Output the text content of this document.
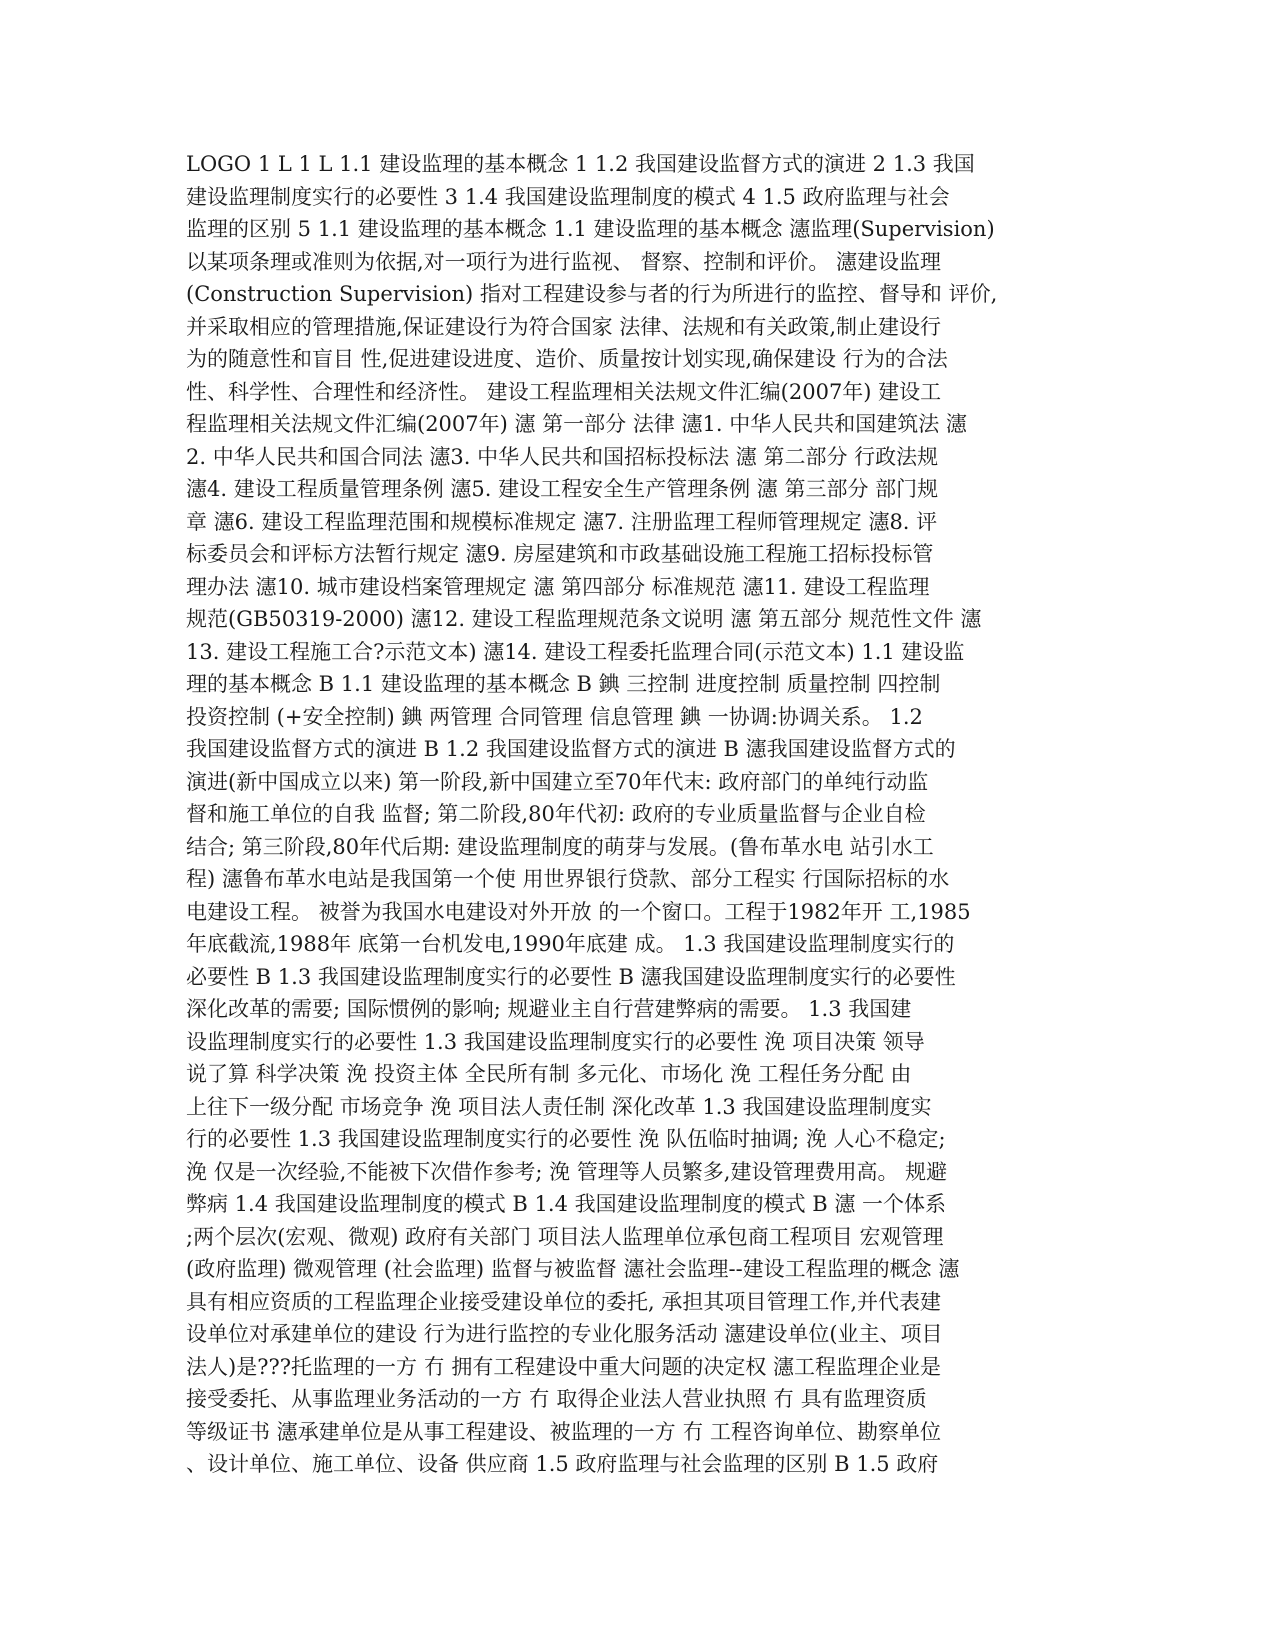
LOGO 1 L 1 L 1.1 建设监理的基本概念 1 1.2 我国建设监督方式的演进 2 1.3 我国
建设监理制度实行的必要性 3 1.4 我国建设监理制度的模式 4 1.5 政府监理与社会
监理的区别 5 1.1 建设监理的基本概念 1.1 建设监理的基本概念 瀗监理(Supervision)
以某项条理或准则为依据,对一项行为进行监视、 督察、控制和评价。 瀗建设监理
(Construction Supervision) 指对工程建设参与者的行为所进行的监控、督导和 评价,
并采取相应的管理措施,保证建设行为符合国家 法律、法规和有关政策,制止建设行
为的随意性和盲目 性,促进建设进度、造价、质量按计划实现,确保建设 行为的合法
性、科学性、合理性和经济性。 建设工程监理相关法规文件汇编(2007年) 建设工
程监理相关法规文件汇编(2007年) 瀗 第一部分 法律 瀗1. 中华人民共和国建筑法 瀗
2. 中华人民共和国合同法 瀗3. 中华人民共和国招标投标法 瀗 第二部分 行政法规
瀗4. 建设工程质量管理条例 瀗5. 建设工程安全生产管理条例 瀗 第三部分 部门规
章 瀗6. 建设工程监理范围和规模标准规定 瀗7. 注册监理工程师管理规定 瀗8. 评
标委员会和评标方法暂行规定 瀗9. 房屋建筑和市政基础设施工程施工招标投标管
理办法 瀗10. 城市建设档案管理规定 瀗 第四部分 标准规范 瀗11. 建设工程监理
规范(GB50319-2000) 瀗12. 建设工程监理规范条文说明 瀗 第五部分 规范性文件 瀗
13. 建设工程施工合?示范文本) 瀗14. 建设工程委托监理合同(示范文本) 1.1 建设监
理的基本概念 B 1.1 建设监理的基本概念 B 錪 三控制 进度控制 质量控制 四控制
投资控制 (+安全控制) 錪 两管理 合同管理 信息管理 錪 一协调:协调关系。 1.2
我国建设监督方式的演进 B 1.2 我国建设监督方式的演进 B 瀗我国建设监督方式的
演进(新中国成立以来) 第一阶段,新中国建立至70年代末: 政府部门的单纯行动监
督和施工单位的自我 监督; 第二阶段,80年代初: 政府的专业质量监督与企业自检
结合; 第三阶段,80年代后期: 建设监理制度的萌芽与发展。(鲁布革水电 站引水工
程) 瀗鲁布革水电站是我国第一个使 用世界银行贷款、部分工程实 行国际招标的水
电建设工程。 被誉为我国水电建设对外开放 的一个窗口。工程于1982年开 工,1985
年底截流,1988年 底第一台机发电,1990年底建 成。 1.3 我国建设监理制度实行的
必要性 B 1.3 我国建设监理制度实行的必要性 B 瀗我国建设监理制度实行的必要性
深化改革的需要; 国际惯例的影响; 规避业主自行营建弊病的需要。 1.3 我国建
设监理制度实行的必要性 1.3 我国建设监理制度实行的必要性 浼 项目决策 领导
说了算 科学决策 浼 投资主体 全民所有制 多元化、市场化 浼 工程任务分配 由
上往下一级分配 市场竞争 浼 项目法人责任制 深化改革 1.3 我国建设监理制度实
行的必要性 1.3 我国建设监理制度实行的必要性 浼 队伍临时抽调; 浼 人心不稳定;
浼 仅是一次经验,不能被下次借作参考; 浼 管理等人员繁多,建设管理费用高。 规避
弊病 1.4 我国建设监理制度的模式 B 1.4 我国建设监理制度的模式 B 瀗 一个体系
;两个层次(宏观、微观) 政府有关部门 项目法人监理单位承包商工程项目 宏观管理
(政府监理) 微观管理 (社会监理) 监督与被监督 瀗社会监理--建设工程监理的概念 瀗
具有相应资质的工程监理企业接受建设单位的委托, 承担其项目管理工作,并代表建
设单位对承建单位的建设 行为进行监控的专业化服务活动 瀗建设单位(业主、项目
法人)是???托监理的一方 冇 拥有工程建设中重大问题的决定权 瀗工程监理企业是
接受委托、从事监理业务活动的一方 冇 取得企业法人营业执照 冇 具有监理资质
等级证书 瀗承建单位是从事工程建设、被监理的一方 冇 工程咨询单位、勘察单位
、设计单位、施工单位、设备 供应商 1.5 政府监理与社会监理的区别 B 1.5 政府
